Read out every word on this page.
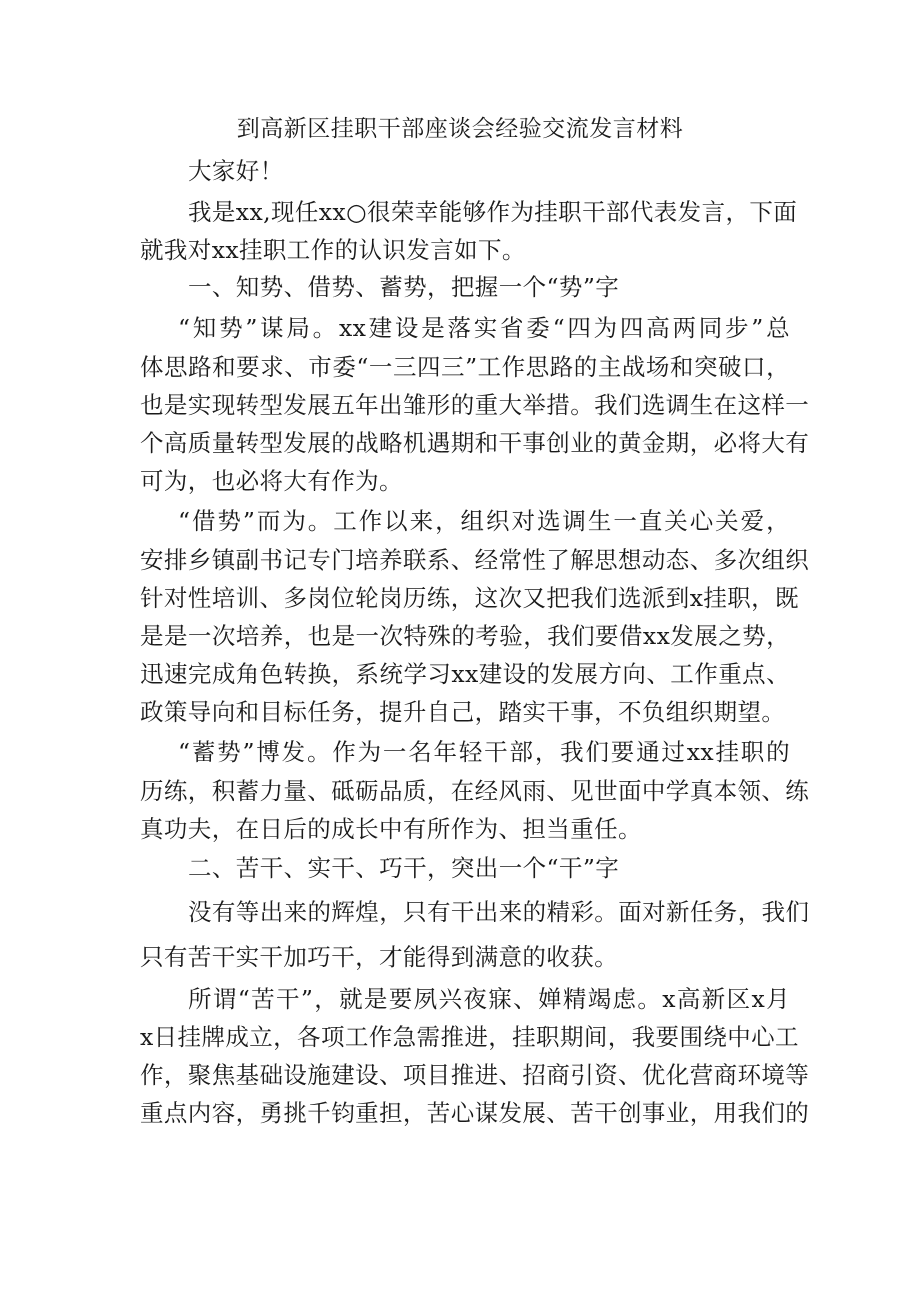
到高新区挂职干部座谈会经验交流发言材料
大家好！
我是xx,现任xx○很荣幸能够作为挂职干部代表发言，下面
就我对xx挂职工作的认识发言如下。
一、知势、借势、蓄势，把握一个“势”字
“知势”谋局。xx建设是落实省委“四为四高两同步”总
体思路和要求、市委“一三四三”工作思路的主战场和突破口，
也是实现转型发展五年出雏形的重大举措。我们选调生在这样一
个高质量转型发展的战略机遇期和干事创业的黄金期，必将大有
可为，也必将大有作为。
“借势”而为。工作以来，组织对选调生一直关心关爱，
安排乡镇副书记专门培养联系、经常性了解思想动态、多次组织
针对性培训、多岗位轮岗历练，这次又把我们选派到x挂职，既
是是一次培养，也是一次特殊的考验，我们要借xx发展之势，
迅速完成角色转换，系统学习xx建设的发展方向、工作重点、
政策导向和目标任务，提升自己，踏实干事，不负组织期望。
“蓄势”博发。作为一名年轻干部，我们要通过xx挂职的
历练，积蓄力量、砥砺品质，在经风雨、见世面中学真本领、练
真功夫，在日后的成长中有所作为、担当重任。
二、苦干、实干、巧干，突出一个“干”字
没有等出来的辉煌，只有干出来的精彩。面对新任务，我们
只有苦干实干加巧干，才能得到满意的收获。
所谓“苦干”，就是要夙兴夜寐、婵精竭虑。x高新区x月
x日挂牌成立，各项工作急需推进，挂职期间，我要围绕中心工
作，聚焦基础设施建设、项目推进、招商引资、优化营商环境等
重点内容，勇挑千钧重担，苦心谋发展、苦干创事业，用我们的
